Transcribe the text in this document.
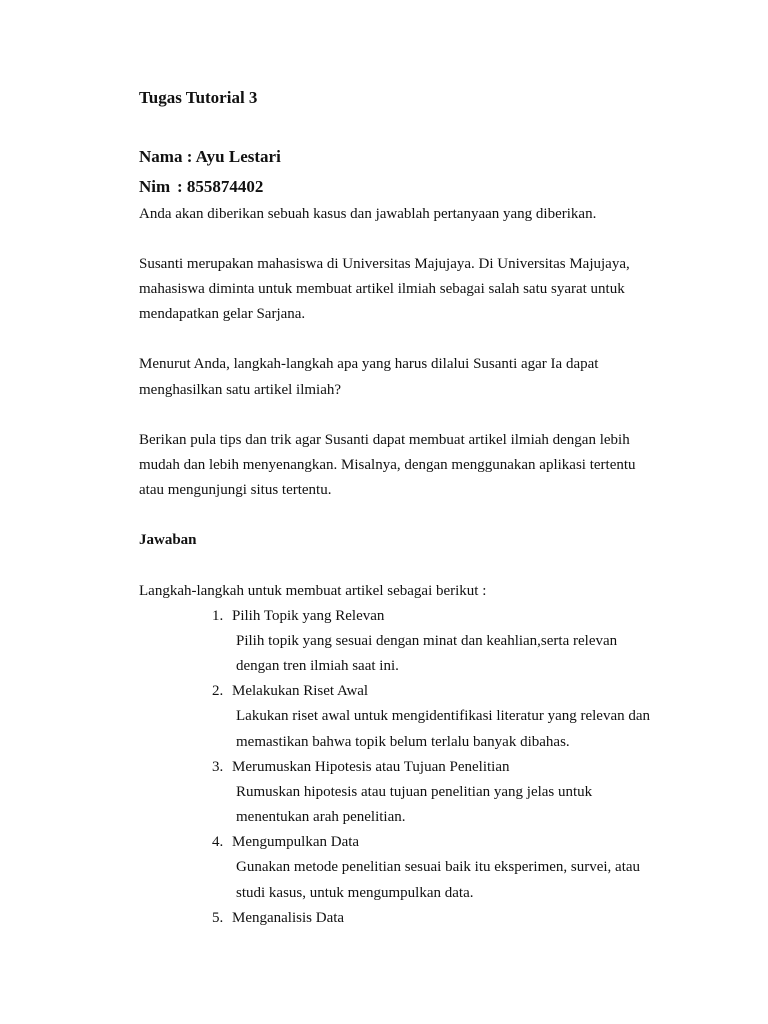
Tugas Tutorial 3
Nama : Ayu Lestari
Nim : 855874402
Anda akan diberikan sebuah kasus dan jawablah pertanyaan yang diberikan.
Susanti merupakan mahasiswa di Universitas Majujaya. Di Universitas Majujaya,
mahasiswa diminta untuk membuat artikel ilmiah sebagai salah satu syarat untuk
mendapatkan gelar Sarjana.
Menurut Anda, langkah-langkah apa yang harus dilalui Susanti agar Ia dapat
menghasilkan satu artikel ilmiah?
Berikan pula tips dan trik agar Susanti dapat membuat artikel ilmiah dengan lebih
mudah dan lebih menyenangkan. Misalnya, dengan menggunakan aplikasi tertentu
atau mengunjungi situs tertentu.
Jawaban
Langkah-langkah untuk membuat artikel sebagai berikut :
1. Pilih Topik yang Relevan
Pilih topik yang sesuai dengan minat dan keahlian,serta relevan
dengan tren ilmiah saat ini.
2. Melakukan Riset Awal
Lakukan riset awal untuk mengidentifikasi literatur yang relevan dan
memastikan bahwa topik belum terlalu banyak dibahas.
3. Merumuskan Hipotesis atau Tujuan Penelitian
Rumuskan hipotesis atau tujuan penelitian yang jelas untuk
menentukan arah penelitian.
4. Mengumpulkan Data
Gunakan metode penelitian sesuai baik itu eksperimen, survei, atau
studi kasus, untuk mengumpulkan data.
5. Menganalisis Data
